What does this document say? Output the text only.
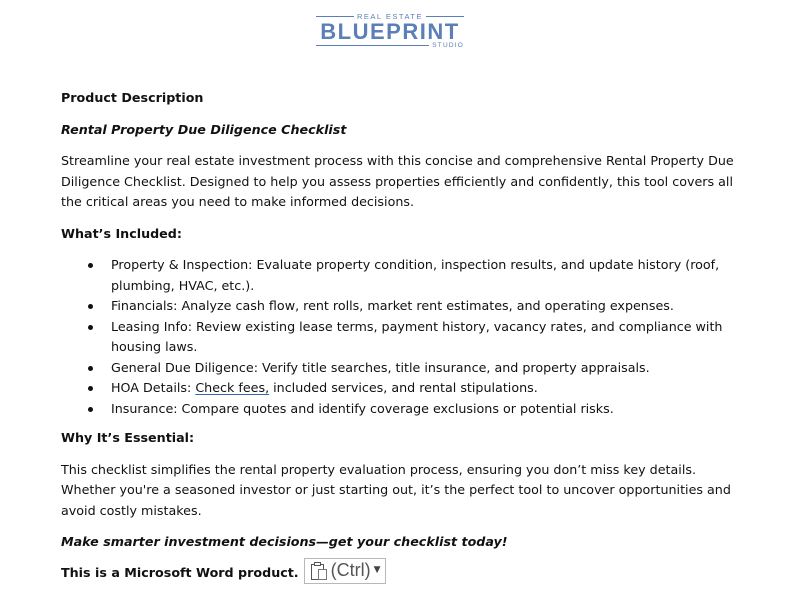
REAL ESTATE
BLUEPRINT
STUDIO

Product Description

Rental Property Due Diligence Checklist

Streamline your real estate investment process with this concise and comprehensive Rental Property Due Diligence Checklist. Designed to help you assess properties efficiently and confidently, this tool covers all the critical areas you need to make informed decisions.

What’s Included:

Property & Inspection: Evaluate property condition, inspection results, and update history (roof, plumbing, HVAC, etc.).
Financials: Analyze cash flow, rent rolls, market rent estimates, and operating expenses.
Leasing Info: Review existing lease terms, payment history, vacancy rates, and compliance with housing laws.
General Due Diligence: Verify title searches, title insurance, and property appraisals.
HOA Details: Check fees, included services, and rental stipulations.
Insurance: Compare quotes and identify coverage exclusions or potential risks.

Why It’s Essential:

This checklist simplifies the rental property evaluation process, ensuring you don’t miss key details. Whether you're a seasoned investor or just starting out, it’s the perfect tool to uncover opportunities and avoid costly mistakes.

Make smarter investment decisions—get your checklist today!

This is a Microsoft Word product. (Ctrl) ▼
